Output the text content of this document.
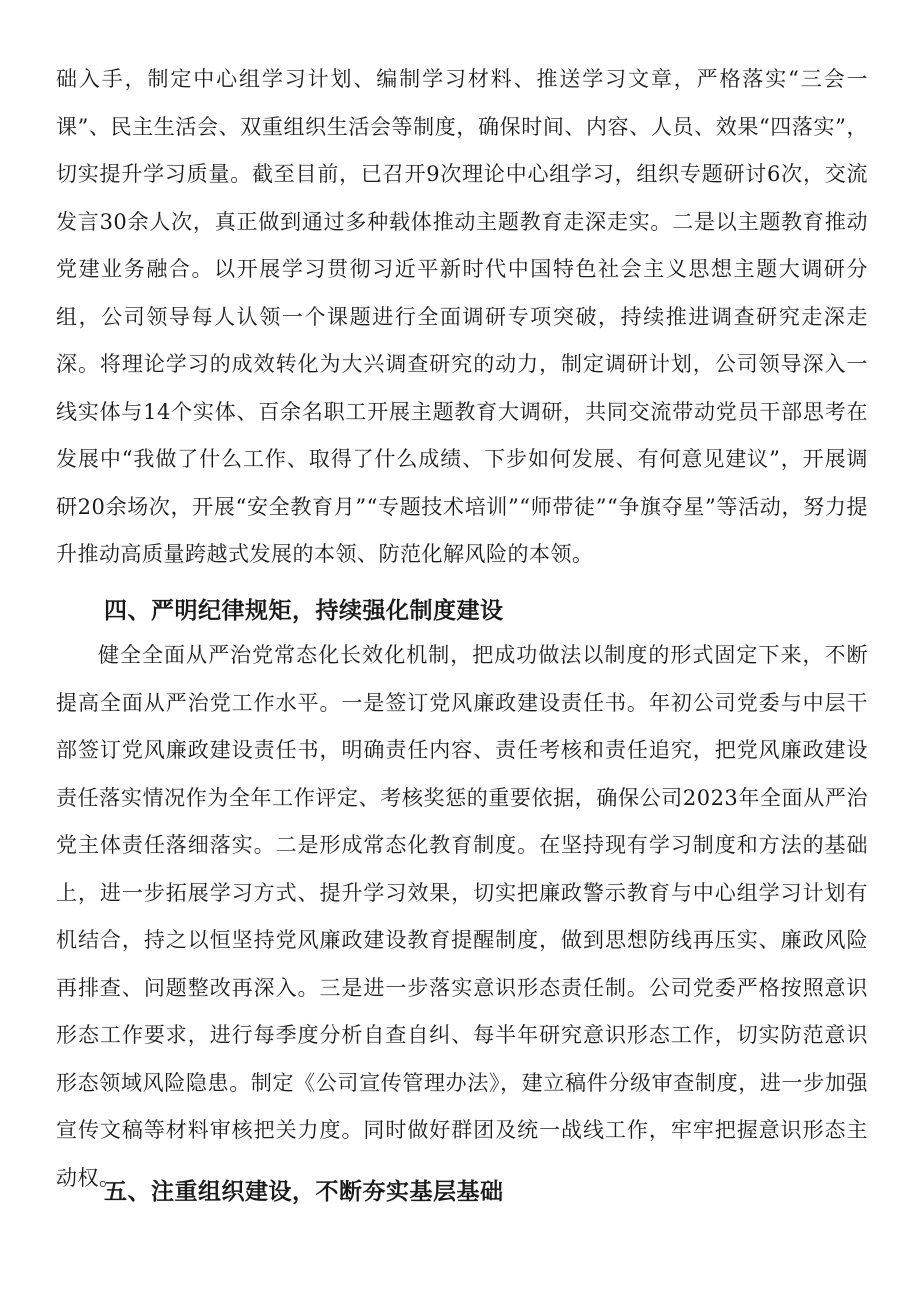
础入手，制定中心组学习计划、编制学习材料、推送学习文章，严格落实“三会一课”、民主生活会、双重组织生活会等制度，确保时间、内容、人员、效果“四落实”，切实提升学习质量。截至目前，已召开9次理论中心组学习，组织专题研讨6次，交流发言30余人次，真正做到通过多种载体推动主题教育走深走实。二是以主题教育推动党建业务融合。以开展学习贯彻习近平新时代中国特色社会主义思想主题大调研分组，公司领导每人认领一个课题进行全面调研专项突破，持续推进调查研究走深走深。将理论学习的成效转化为大兴调查研究的动力，制定调研计划，公司领导深入一线实体与14个实体、百余名职工开展主题教育大调研，共同交流带动党员干部思考在发展中“我做了什么工作、取得了什么成绩、下步如何发展、有何意见建议”，开展调研20余场次，开展“安全教育月”“专题技术培训”“师带徒”“争旗夺星”等活动，努力提升推动高质量跨越式发展的本领、防范化解风险的本领。

四、严明纪律规矩，持续强化制度建设

健全全面从严治党常态化长效化机制，把成功做法以制度的形式固定下来，不断提高全面从严治党工作水平。一是签订党风廉政建设责任书。年初公司党委与中层干部签订党风廉政建设责任书，明确责任内容、责任考核和责任追究，把党风廉政建设责任落实情况作为全年工作评定、考核奖惩的重要依据，确保公司2023年全面从严治党主体责任落细落实。二是形成常态化教育制度。在坚持现有学习制度和方法的基础上，进一步拓展学习方式、提升学习效果，切实把廉政警示教育与中心组学习计划有机结合，持之以恒坚持党风廉政建设教育提醒制度，做到思想防线再压实、廉政风险再排查、问题整改再深入。三是进一步落实意识形态责任制。公司党委严格按照意识形态工作要求，进行每季度分析自查自纠、每半年研究意识形态工作，切实防范意识形态领域风险隐患。制定《公司宣传管理办法》，建立稿件分级审查制度，进一步加强宣传文稿等材料审核把关力度。同时做好群团及统一战线工作，牢牢把握意识形态主动权。

五、注重组织建设，不断夯实基层基础
